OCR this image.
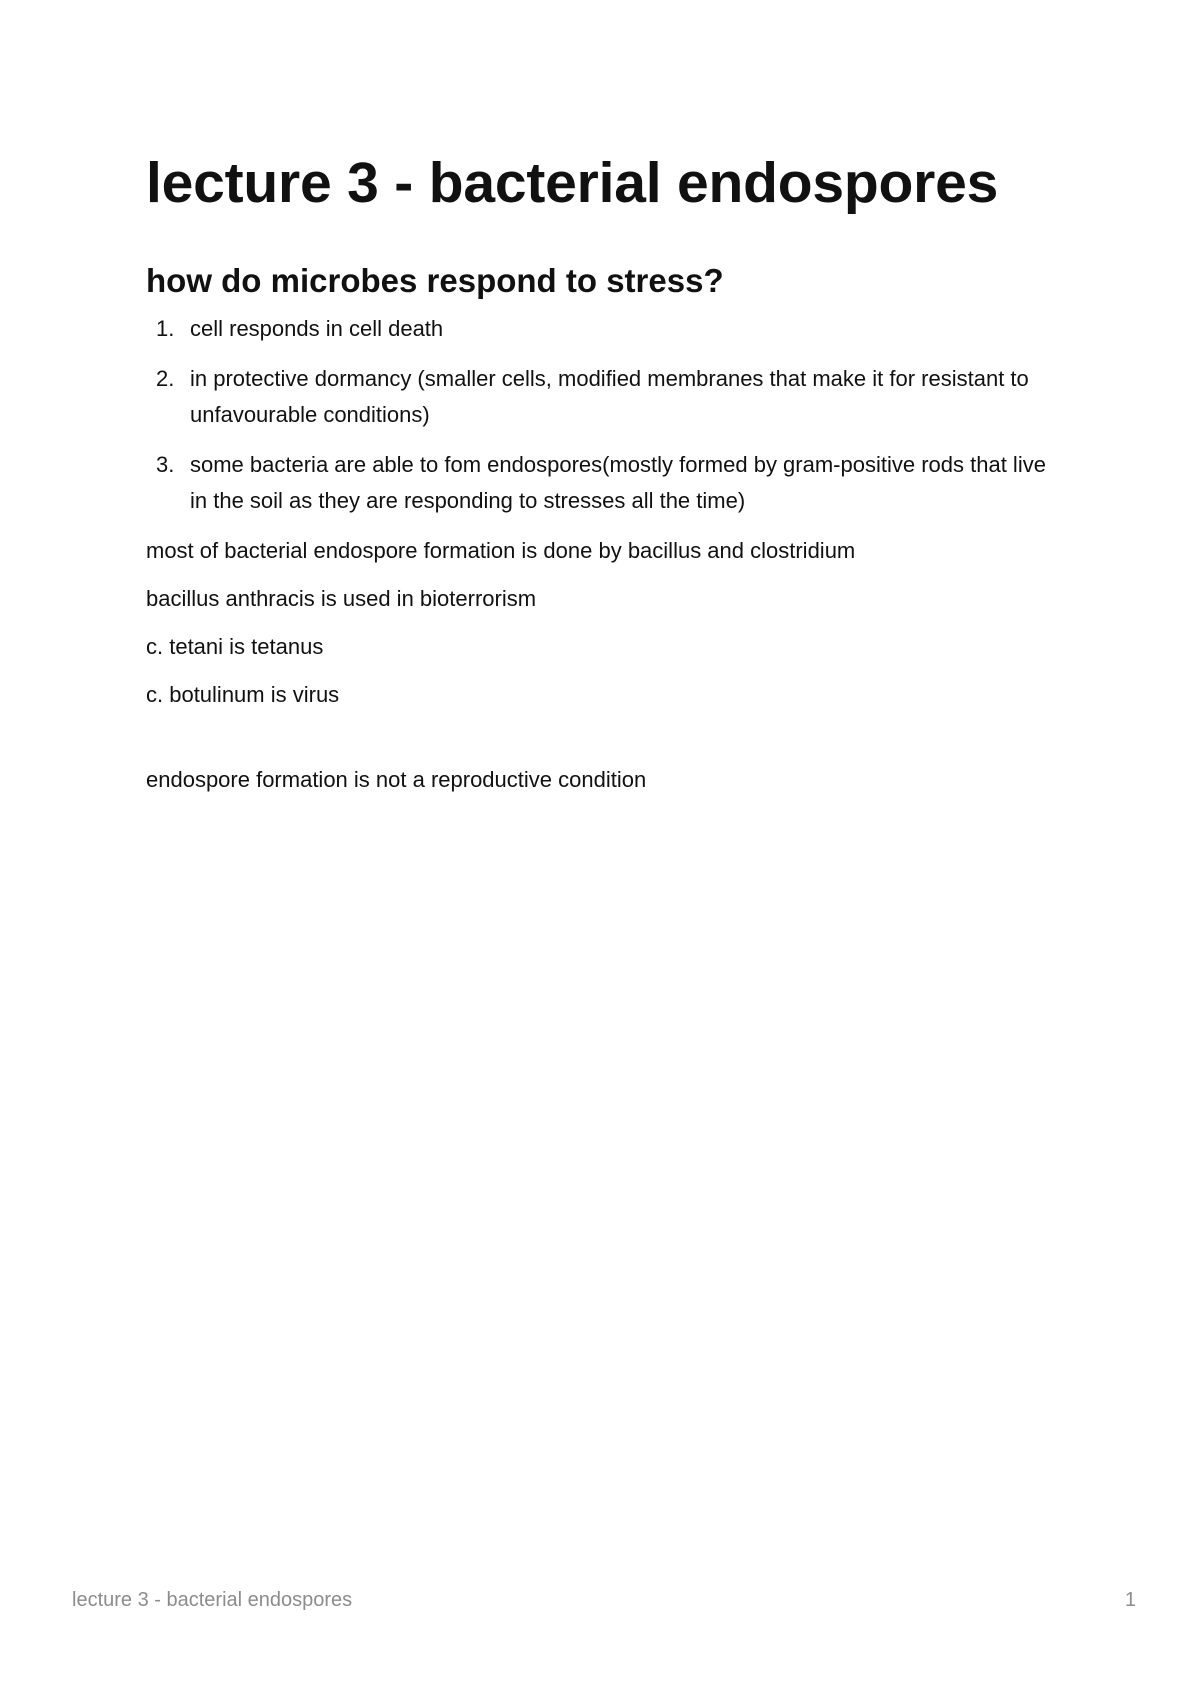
lecture 3 - bacterial endospores
how do microbes respond to stress?
1. cell responds in cell death
2. in protective dormancy (smaller cells, modified membranes that make it for resistant to unfavourable conditions)
3. some bacteria are able to fom endospores(mostly formed by gram-positive rods that live in the soil as they are responding to stresses all the time)

most of bacterial endospore formation is done by bacillus and clostridium

bacillus anthracis is used in bioterrorism

c. tetani is tetanus

c. botulinum is virus

endospore formation is not a reproductive condition

lecture 3 - bacterial endospores	1
